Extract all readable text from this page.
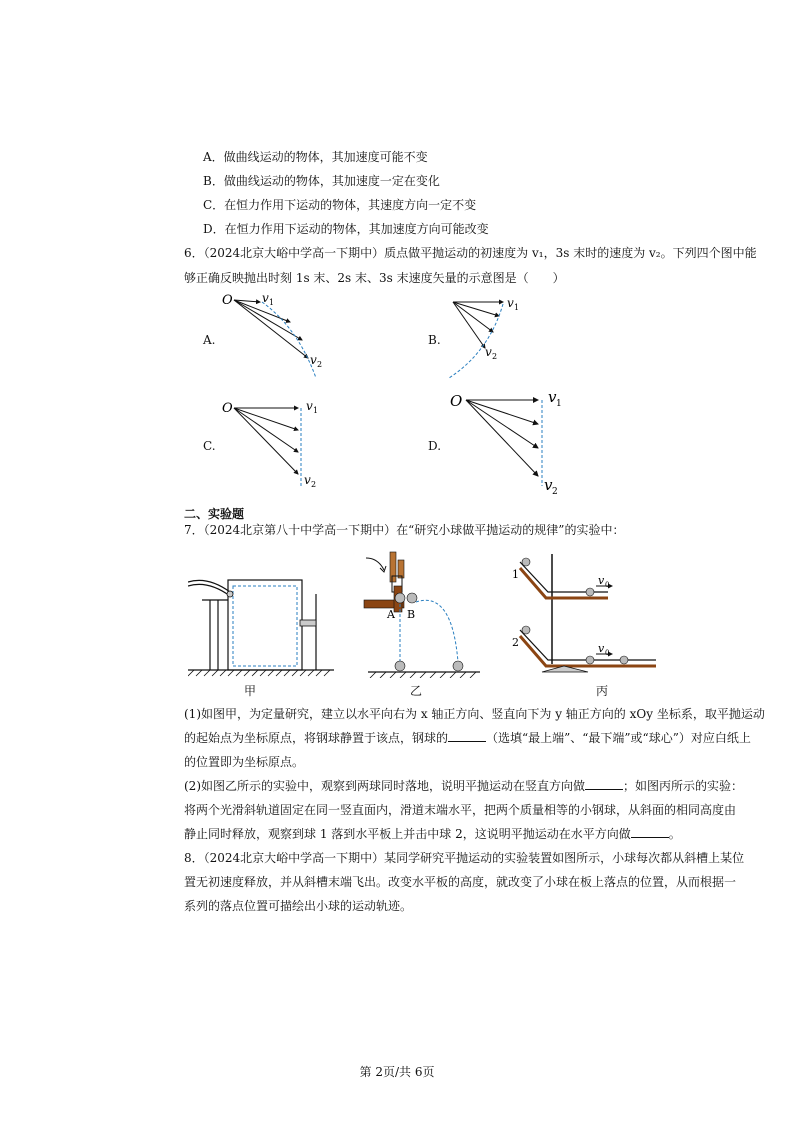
A．做曲线运动的物体，其加速度可能不变
B．做曲线运动的物体，其加速度一定在变化
C．在恒力作用下运动的物体，其速度方向一定不变
D．在恒力作用下运动的物体，其加速度方向可能改变
6．（2024北京大峪中学高一下期中）质点做平抛运动的初速度为 v₁，3s 末时的速度为 v₂。下列四个图中能
够正确反映抛出时刻 1s 末、2s 末、3s 末速度矢量的示意图是（　　）
A.	B.
C.	D.
O v 1
v 2
v 1
v 2
O	v 1
v 2
O	v 1
v 2
二、实验题
7．（2024北京第八十中学高一下期中）在“研究小球做平抛运动的规律”的实验中：
甲
A B
乙
v 0
1
v 0
2
丙
(1)如图甲，为定量研究，建立以水平向右为 x 轴正方向、竖直向下为 y 轴正方向的 xOy 坐标系，取平抛运动
的起始点为坐标原点，将钢球静置于该点，钢球的	（选填“最上端”、“最下端”或“球心”）对应白纸上
的位置即为坐标原点。
(2)如图乙所示的实验中，观察到两球同时落地，说明平抛运动在竖直方向做	；如图丙所示的实验：
将两个光滑斜轨道固定在同一竖直面内，滑道末端水平，把两个质量相等的小钢球，从斜面的相同高度由
静止同时释放，观察到球 1 落到水平板上并击中球 2，这说明平抛运动在水平方向做	。
8．（2024北京大峪中学高一下期中）某同学研究平抛运动的实验装置如图所示，小球每次都从斜槽上某位
置无初速度释放，并从斜槽末端飞出。改变水平板的高度，就改变了小球在板上落点的位置，从而根据一
系列的落点位置可描绘出小球的运动轨迹。
第 2页/共 6页
